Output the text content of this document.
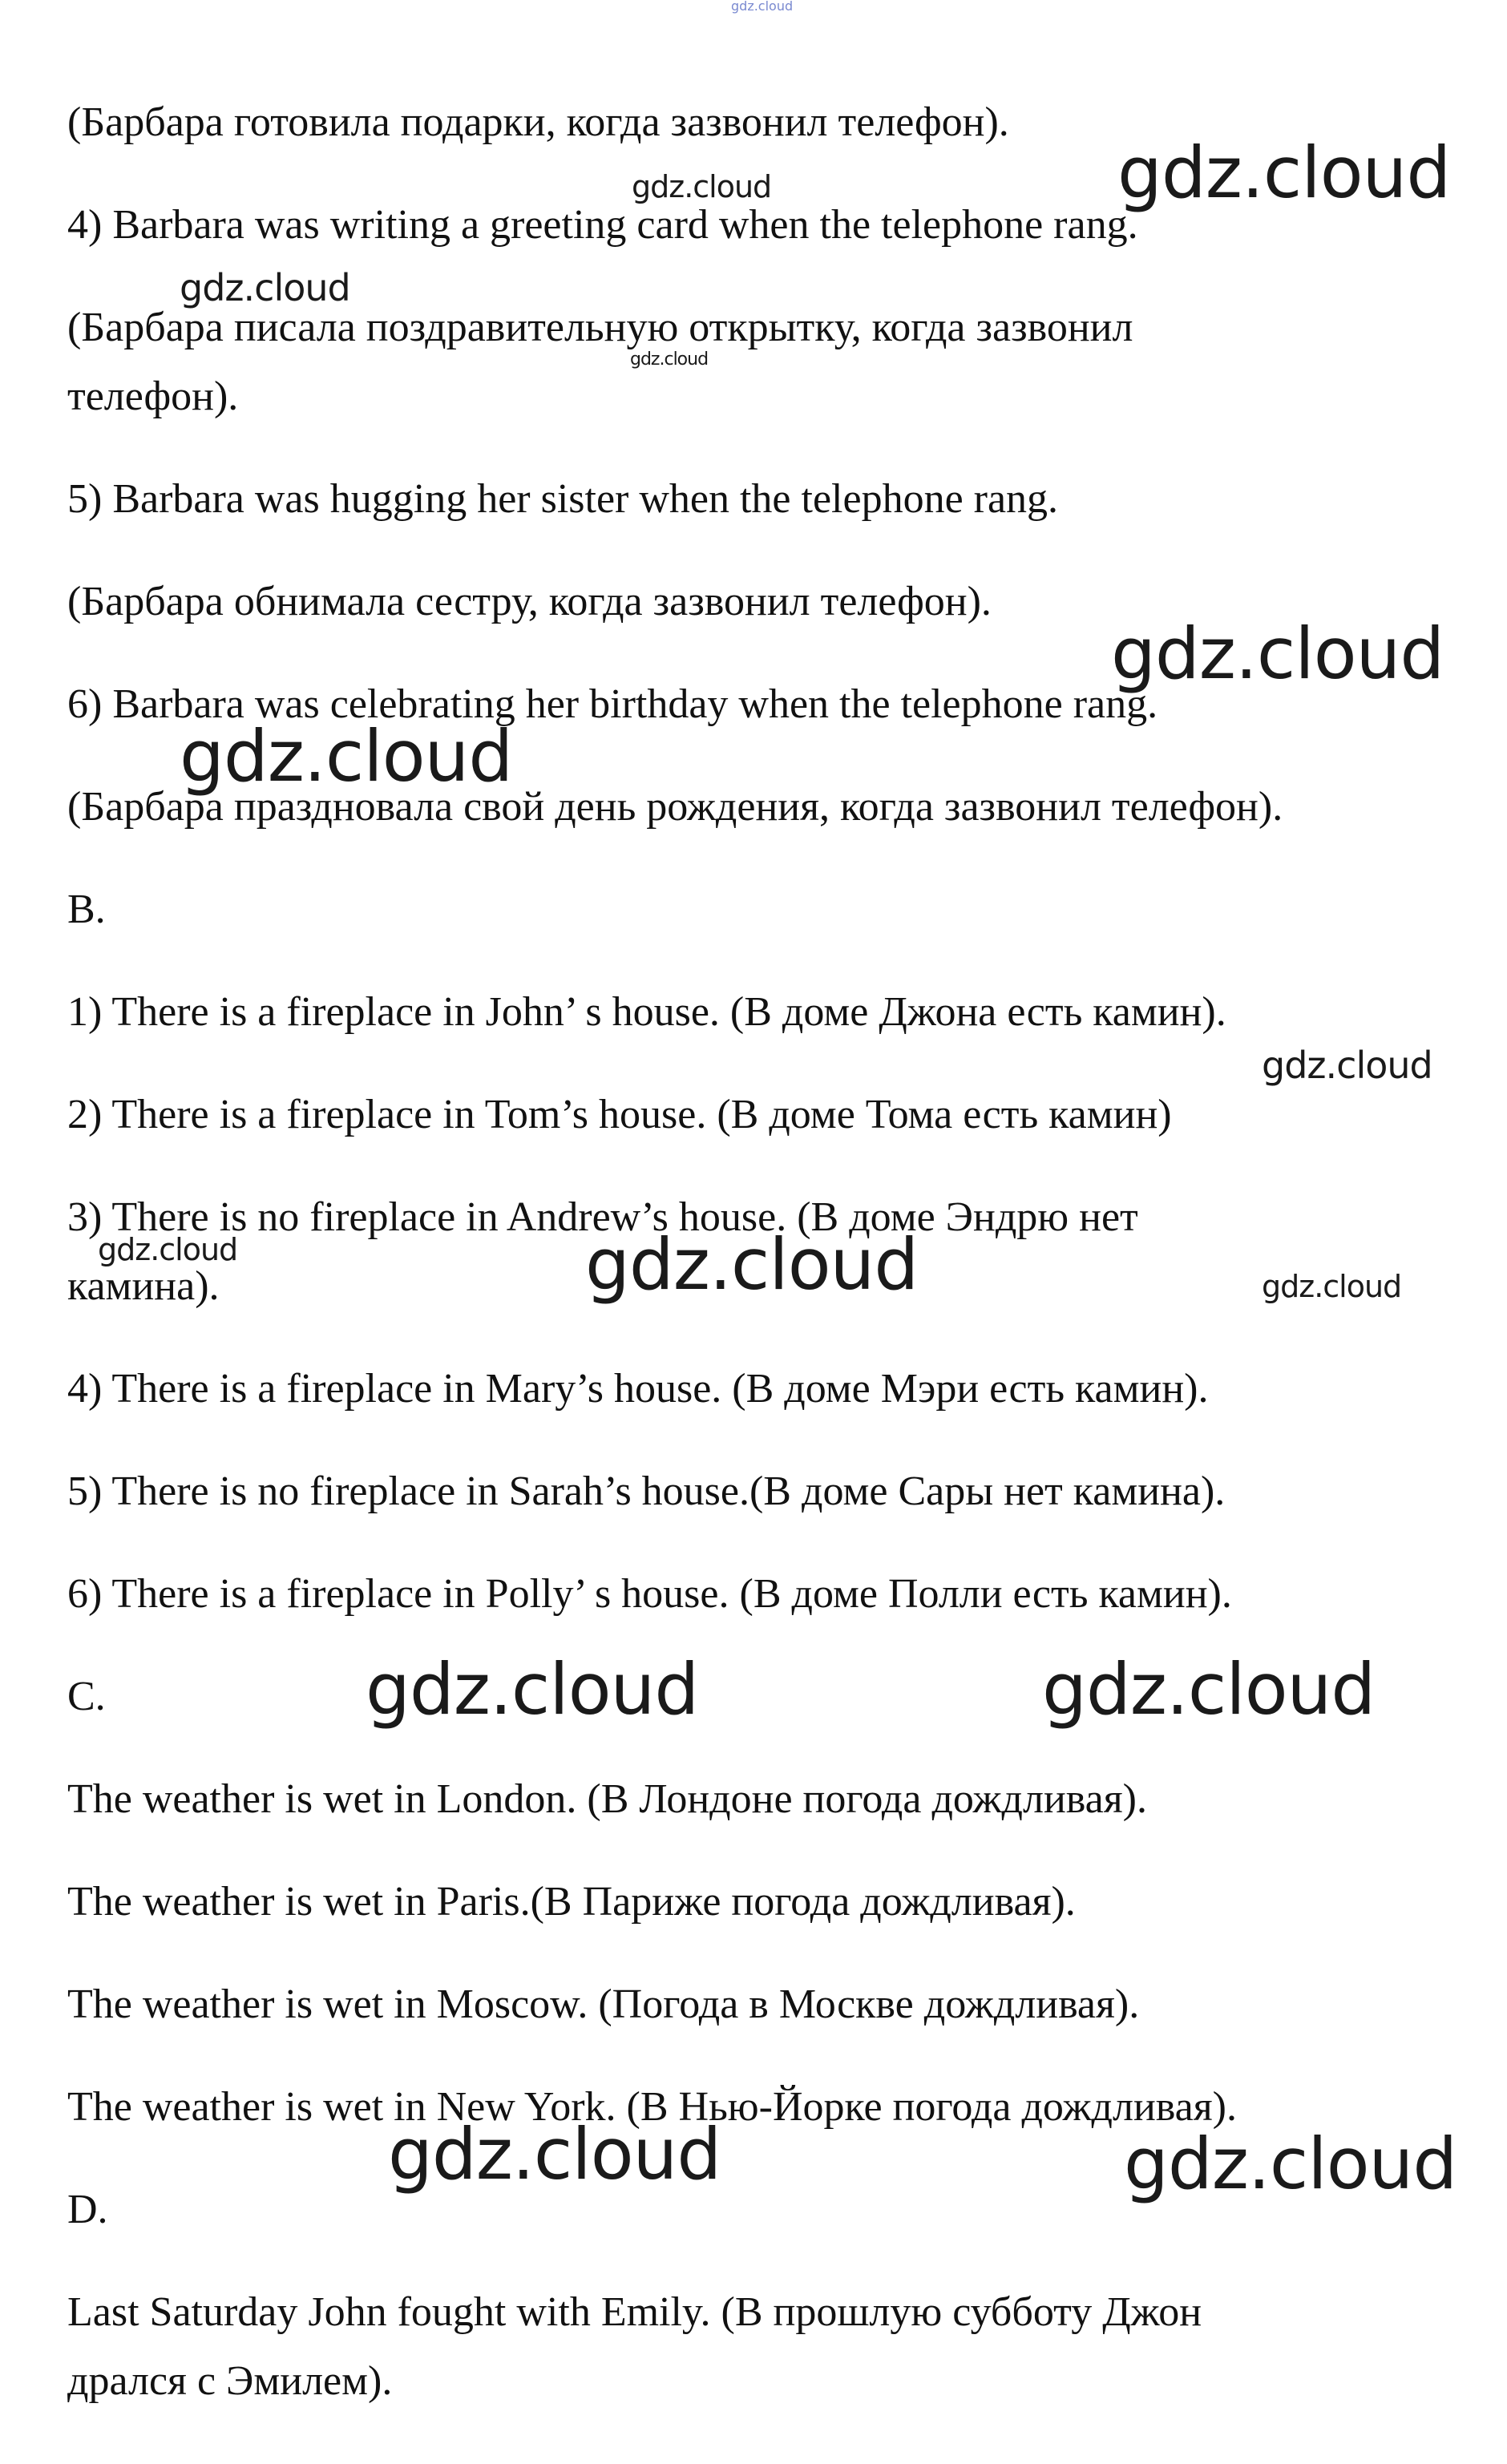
(Барбара готовила подарки, когда зазвонил телефон).

4) Barbara was writing a greeting card when the telephone rang.

(Барбара писала поздравительную открытку, когда зазвонил

телефон).

5) Barbara was hugging her sister when the telephone rang.

(Барбара обнимала сестру, когда зазвонил телефон).

6) Barbara was celebrating her birthday when the telephone rang.

(Барбара праздновала свой день рождения, когда зазвонил телефон).

B.

1) There is a fireplace in John’ s house. (В доме Джона есть камин).

2) There is a fireplace in Tom’s house. (В доме Тома есть камин)

3) There is no fireplace in Andrew’s house. (В доме Эндрю нет

камина).

4) There is a fireplace in Mary’s house. (В доме Мэри есть камин).

5) There is no fireplace in Sarah’s house.(В доме Сары нет камина).

6) There is a fireplace in Polly’ s house. (В доме Полли есть камин).

C.

The weather is wet in London. (В Лондоне погода дождливая).

The weather is wet in Paris.(В Париже погода дождливая).

The weather is wet in Moscow. (Погода в Москве дождливая).

The weather is wet in New York. (В Нью-Йорке погода дождливая).

D.

Last Saturday John fought with Emily. (В прошлую субботу Джон

дрался с Эмилем).

gdz.cloud
gdz.cloud	gdz.cloud
gdz.cloud
gdz.cloud
gdz.cloud
gdz.cloud
gdz.cloud
gdz.cloud	gdz.cloud	gdz.cloud
gdz.cloud	gdz.cloud
gdz.cloud	gdz.cloud
